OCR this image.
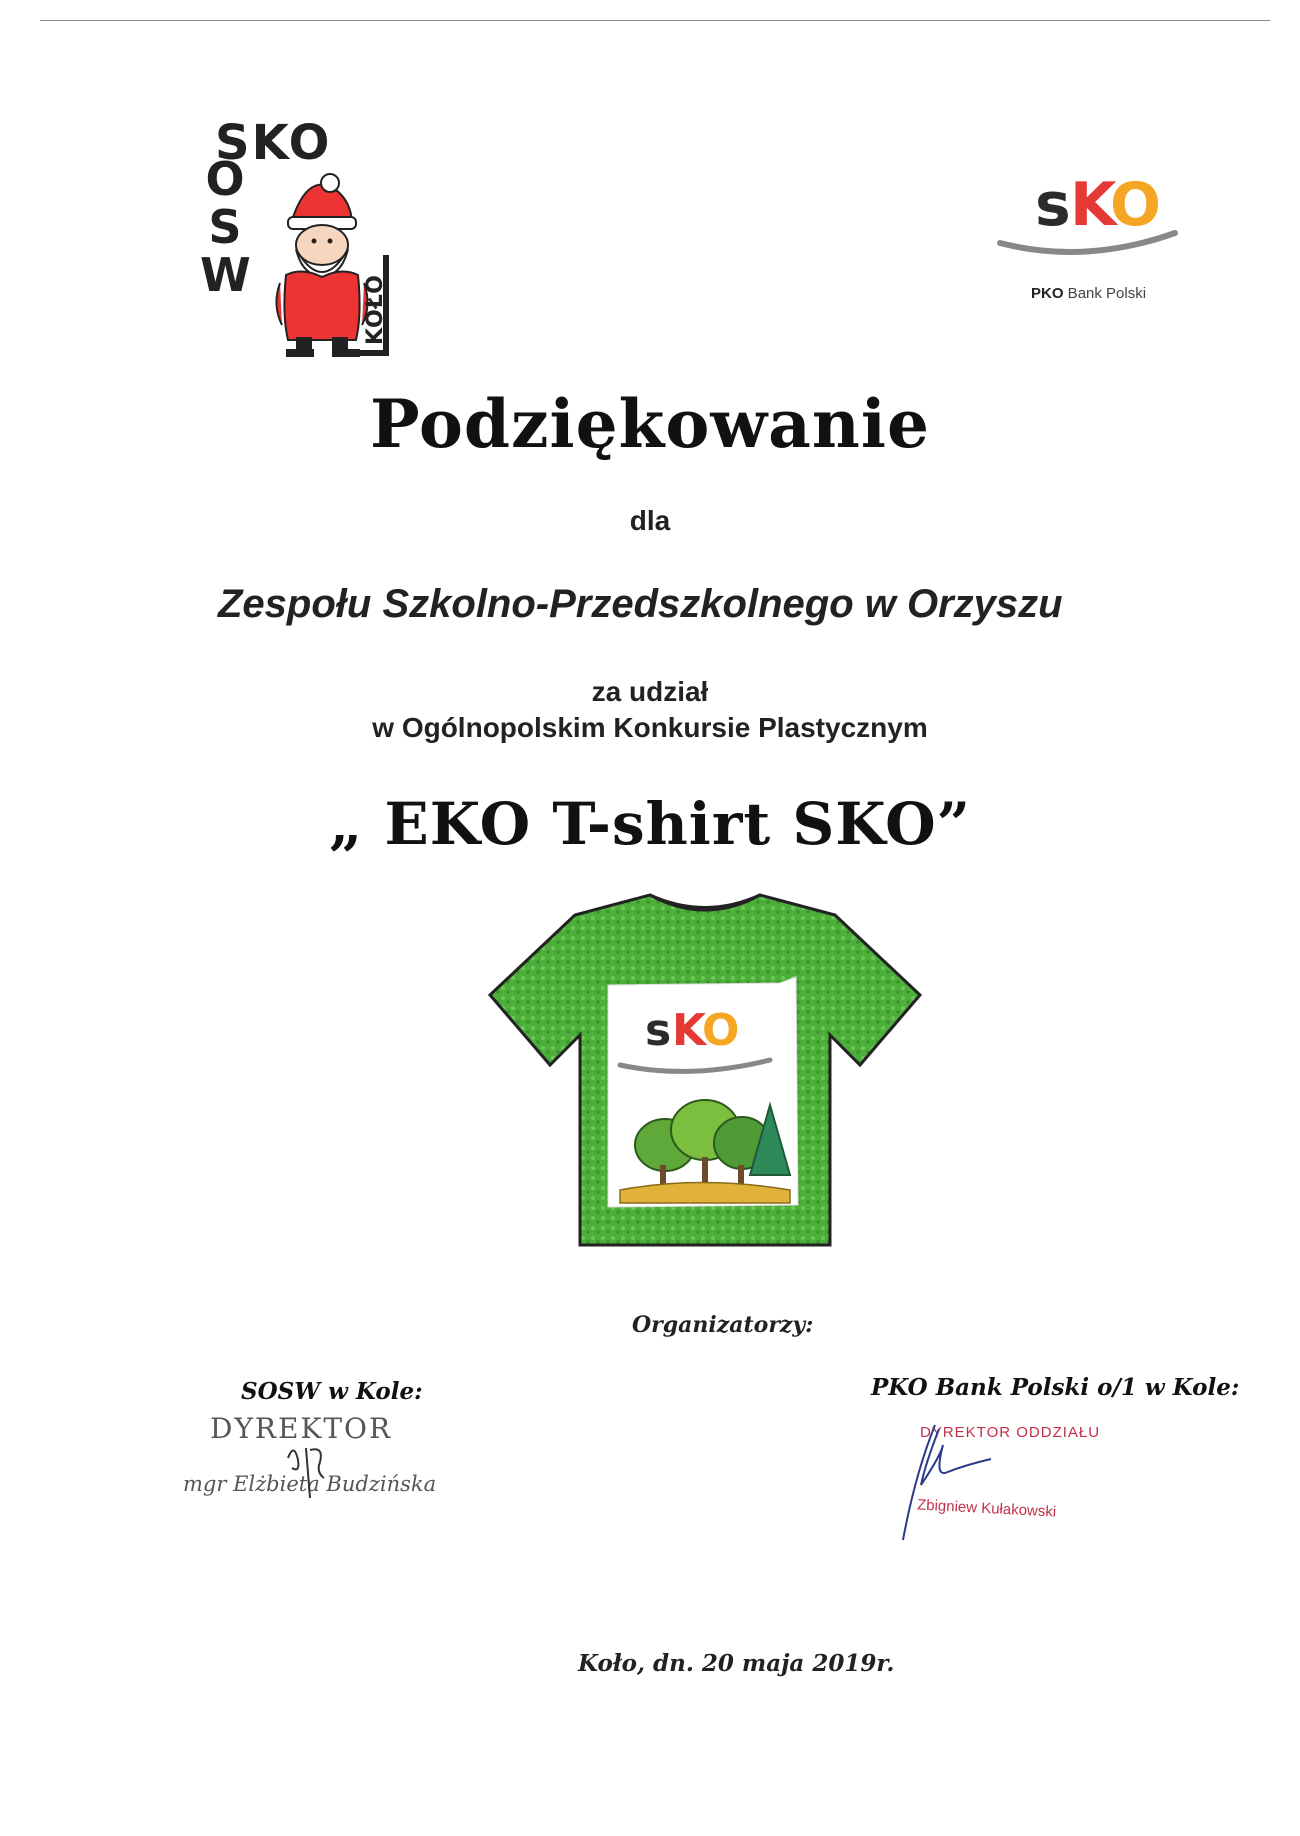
SKO
O
S
W	KOŁO
s K
O
PKO Bank Polski
Podziękowanie
dla
Zespołu Szkolno-Przedszkolnego w Orzyszu
za udział
w Ogólnopolskim Konkursie Plastycznym
„ EKO T-shirt SKO”
s K
O
Organizatorzy:
SOSW w Kole:
DYREKTOR
mgr Elżbieta Budzińska
PKO Bank Polski o/1 w Kole:
DYREKTOR ODDZIAŁU
Zbigniew Kułakowski
Koło, dn. 20 maja 2019r.
